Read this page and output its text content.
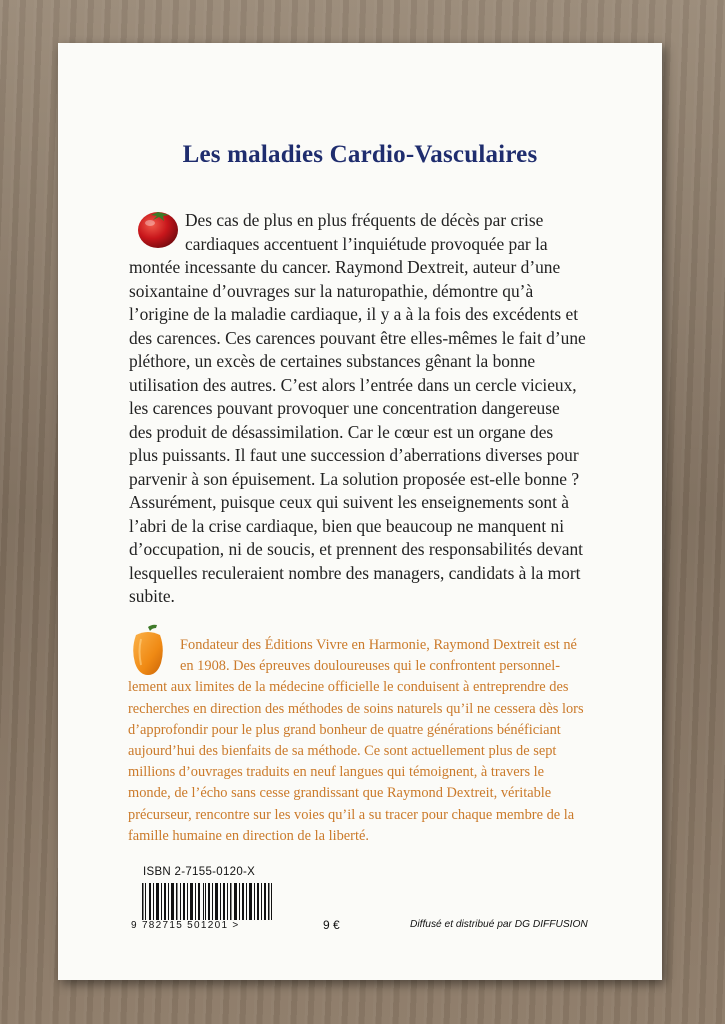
Les maladies Cardio-Vasculaires
Des cas de plus en plus fréquents de décès par crise
cardiaques accentuent l’inquiétude provoquée par la
montée incessante du cancer. Raymond Dextreit, auteur d’une
soixantaine d’ouvrages sur la naturopathie, démontre qu’à
l’origine de la maladie cardiaque, il y a à la fois des excédents et
des carences. Ces carences pouvant être elles-mêmes le fait d’une
pléthore, un excès de certaines substances gênant la bonne
utilisation des autres. C’est alors l’entrée dans un cercle vicieux,
les carences pouvant provoquer une concentration dangereuse
des produit de désassimilation. Car le cœur est un organe des
plus puissants. Il faut une succession d’aberrations diverses pour
parvenir à son épuisement. La solution proposée est-elle bonne ?
Assurément, puisque ceux qui suivent les enseignements sont à
l’abri de la crise cardiaque, bien que beaucoup ne manquent ni
d’occupation, ni de soucis, et prennent des responsabilités devant
lesquelles reculeraient nombre des managers, candidats à la mort
subite.
Fondateur des Éditions Vivre en Harmonie, Raymond Dextreit est né
en 1908. Des épreuves douloureuses qui le confrontent personnel-
lement aux limites de la médecine officielle le conduisent à entreprendre des
recherches en direction des méthodes de soins naturels qu’il ne cessera dès lors
d’approfondir pour le plus grand bonheur de quatre générations bénéficiant
aujourd’hui des bienfaits de sa méthode. Ce sont actuellement plus de sept
millions d’ouvrages traduits en neuf langues qui témoignent, à travers le
monde, de l’écho sans cesse grandissant que Raymond Dextreit, véritable
précurseur, rencontre sur les voies qu’il a su tracer pour chaque membre de la
famille humaine en direction de la liberté.
ISBN 2-7155-0120-X
9 782715 501201 >	9 €	Diffusé et distribué par DG DIFFUSION
